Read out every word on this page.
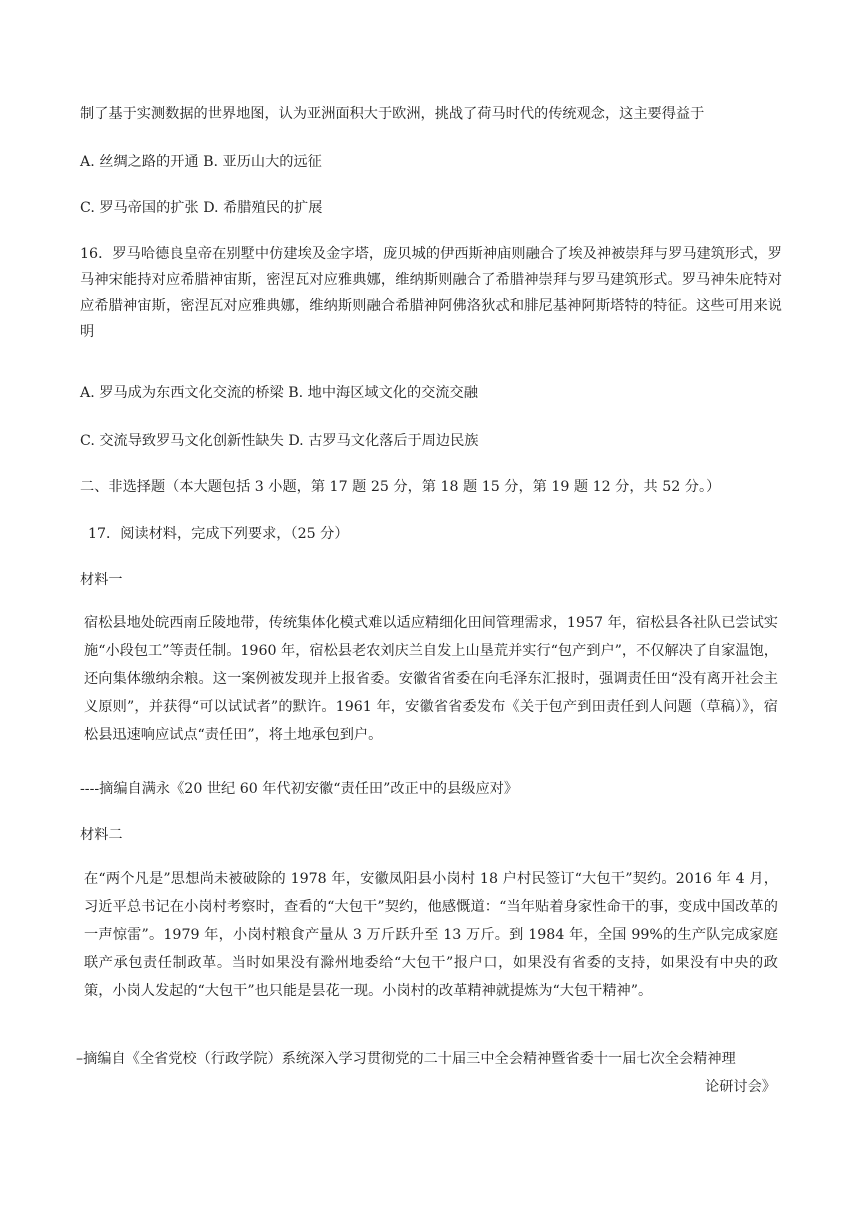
制了基于实测数据的世界地图，认为亚洲面积大于欧洲，挑战了荷马时代的传统观念，这主要得益于
A. 丝绸之路的开通 B. 亚历山大的远征
C. 罗马帝国的扩张 D. 希腊殖民的扩展
16．罗马哈德良皇帝在别墅中仿建埃及金字塔，庞贝城的伊西斯神庙则融合了埃及神被崇拜与罗马建筑形式，罗马神宋能持对应希腊神宙斯，密涅瓦对应雅典娜，维纳斯则融合了希腊神崇拜与罗马建筑形式。罗马神朱庇特对应希腊神宙斯，密涅瓦对应雅典娜，维纳斯则融合希腊神阿佛洛狄忒和腓尼基神阿斯塔特的特征。这些可用来说明
A. 罗马成为东西文化交流的桥梁 B. 地中海区域文化的交流交融
C. 交流导致罗马文化创新性缺失 D. 古罗马文化落后于周边民族
二、非选择题（本大题包括 3 小题，第 17 题 25 分，第 18 题 15 分，第 19 题 12 分，共 52 分。）
17．阅读材料，完成下列要求，（25 分）
材料一
宿松县地处皖西南丘陵地带，传统集体化模式难以适应精细化田间管理需求，1957 年，宿松县各社队已尝试实施“小段包工”等责任制。1960 年，宿松县老农刘庆兰自发上山垦荒并实行“包产到户”，不仅解决了自家温饱，还向集体缴纳余粮。这一案例被发现并上报省委。安徽省省委在向毛泽东汇报时，强调责任田“没有离开社会主义原则”，并获得“可以试试者”的默许。1961 年，安徽省省委发布《关于包产到田责任到人问题（草稿）》，宿松县迅速响应试点“责任田”，将土地承包到户。
----摘编自满永《20 世纪 60 年代初安徽“责任田”改正中的县级应对》
材料二
在“两个凡是”思想尚未被破除的 1978 年，安徽凤阳县小岗村 18 户村民签订“大包干”契约。2016 年 4 月，习近平总书记在小岗村考察时，查看的“大包干”契约，他感慨道：“当年贴着身家性命干的事，变成中国改革的一声惊雷”。1979 年，小岗村粮食产量从 3 万斤跃升至 13 万斤。到 1984 年，全国 99%的生产队完成家庭联产承包责任制政革。当时如果没有滁州地委给“大包干”报户口，如果没有省委的支持，如果没有中央的政策，小岗人发起的“大包干”也只能是昙花一现。小岗村的改革精神就提炼为“大包干精神”。
–摘编自《全省党校（行政学院）系统深入学习贯彻党的二十届三中全会精神暨省委十一届七次全会精神理
论研讨会》
